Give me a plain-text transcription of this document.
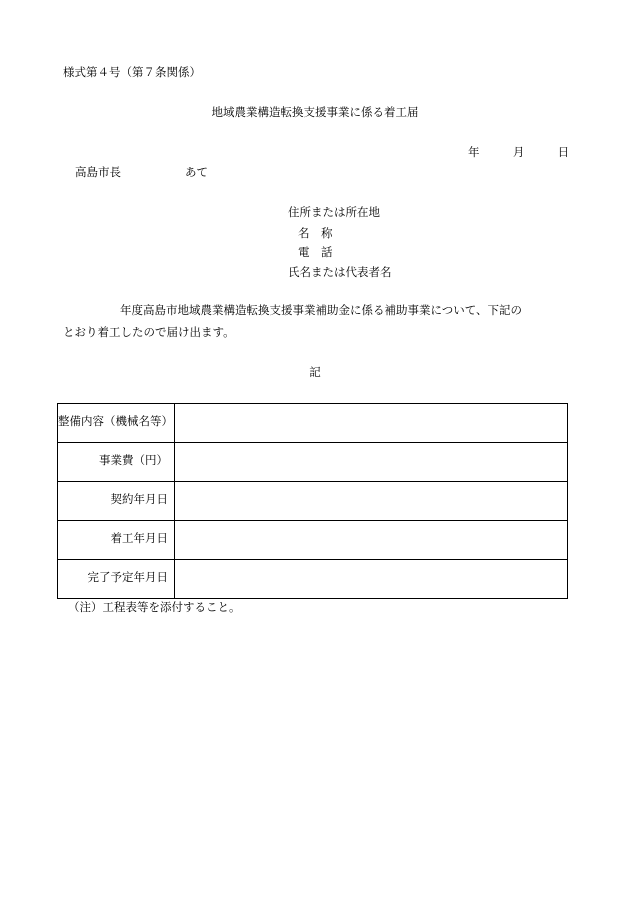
様式第４号（第７条関係）
地域農業構造転換支援事業に係る着工届
年	月	日
高島市長	あて
住所または所在地
名　称
電　話
氏名または代表者名
年度高島市地域農業構造転換支援事業補助金に係る補助事業について、下記の
とおり着工したので届け出ます。
記
整備内容（機械名等）	
事業費（円）	
契約年月日	
着工年月日	
完了予定年月日	
（注）工程表等を添付すること。
